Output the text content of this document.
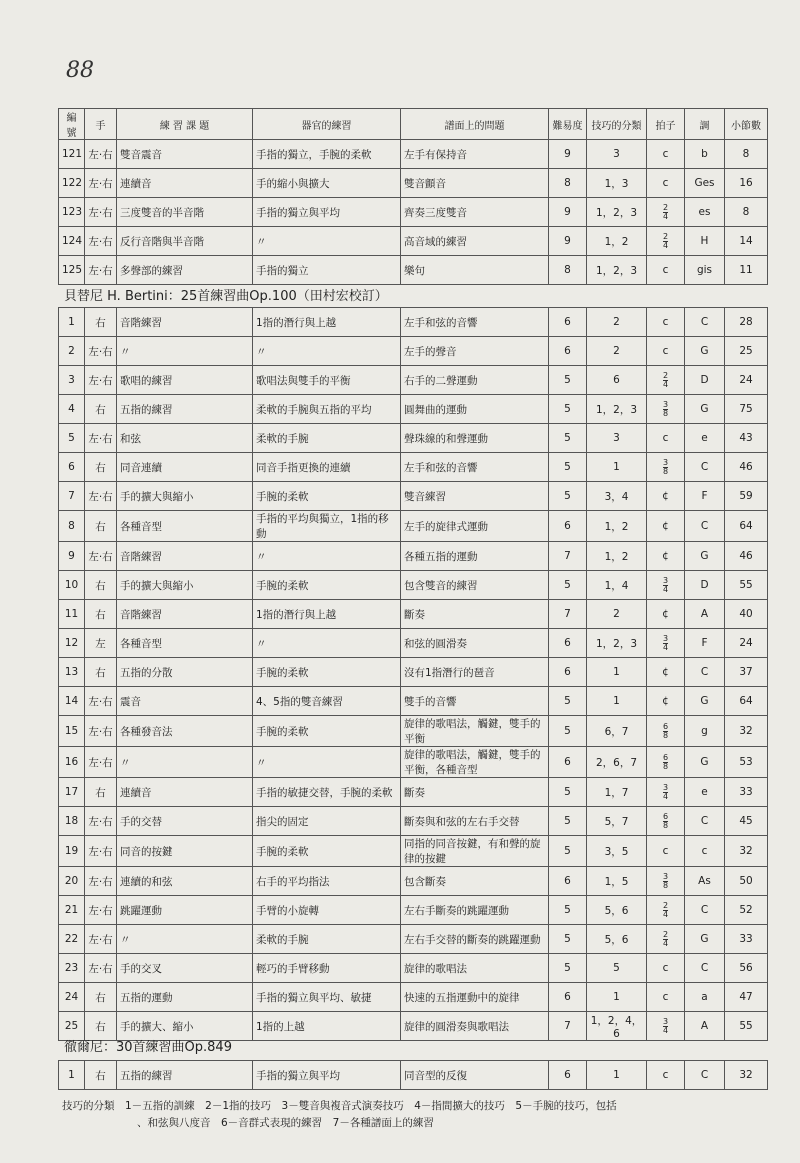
88
編號	手	練 習 課 題	器官的練習	譜面上的問題	難易度	技巧的分類	拍子	調	小節數
121	左·右	雙音震音	手指的獨立，手腕的柔軟	左手有保持音	9	3	c	b	8
122	左·右	連續音	手的縮小與擴大	雙音顫音	8	1，3	c	Ges	16
123	左·右	三度雙音的半音階	手指的獨立與平均	齊奏三度雙音	9	1，2，3	$\frac{2}{4}$	es	8
124	左·右	反行音階與半音階	〃	高音域的練習	9	1，2	$\frac{2}{4}$	H	14
125	左·右	多聲部的練習	手指的獨立	樂句	8	1，2，3	c	gis	11
貝替尼 H. Bertini：25首練習曲Op.100（田村宏校訂）
1	右	音階練習	1指的潛行與上越	左手和弦的音響	6	2	c	C	28
2	左·右	〃	〃	左手的聲音	6	2	c	G	25
3	左·右	歌唱的練習	歌唱法與雙手的平衡	右手的二聲運動	5	6	$\frac{2}{4}$	D	24
4	右	五指的練習	柔軟的手腕與五指的平均	圓舞曲的運動	5	1，2，3	$\frac{3}{8}$	G	75
5	左·右	和弦	柔軟的手腕	聲珠線的和聲運動	5	3	c	e	43
6	右	同音連續	同音手指更換的連續	左手和弦的音響	5	1	$\frac{3}{8}$	C	46
7	左·右	手的擴大與縮小	手腕的柔軟	雙音練習	5	3，4	¢	F	59
8	右	各種音型	手指的平均與獨立，1指的移動	左手的旋律式運動	6	1，2	¢	C	64
9	左·右	音階練習	〃	各種五指的運動	7	1，2	¢	G	46
10	右	手的擴大與縮小	手腕的柔軟	包含雙音的練習	5	1，4	$\frac{3}{4}$	D	55
11	右	音階練習	1指的潛行與上越	斷奏	7	2	¢	A	40
12	左	各種音型	〃	和弦的圓滑奏	6	1，2，3	$\frac{3}{4}$	F	24
13	右	五指的分散	手腕的柔軟	沒有1指潛行的琶音	6	1	¢	C	37
14	左·右	震音	4、5指的雙音練習	雙手的音響	5	1	¢	G	64
15	左·右	各種發音法	手腕的柔軟	旋律的歌唱法，觸鍵，雙手的平衡	5	6，7	$\frac{6}{8}$	g	32
16	左·右	〃	〃	旋律的歌唱法，觸鍵，雙手的平衡，各種音型	6	2，6，7	$\frac{6}{8}$	G	53
17	右	連續音	手指的敏捷交替，手腕的柔軟	斷奏	5	1，7	$\frac{3}{4}$	e	33
18	左·右	手的交替	指尖的固定	斷奏與和弦的左右手交替	5	5，7	$\frac{6}{8}$	C	45
19	左·右	同音的按鍵	手腕的柔軟	同指的同音按鍵，有和聲的旋律的按鍵	5	3，5	c	c	32
20	左·右	連續的和弦	右手的平均指法	包含斷奏	6	1，5	$\frac{3}{8}$	As	50
21	左·右	跳躍運動	手臂的小旋轉	左右手斷奏的跳躍運動	5	5，6	$\frac{2}{4}$	C	52
22	左·右	〃	柔軟的手腕	左右手交替的斷奏的跳躍運動	5	5，6	$\frac{2}{4}$	G	33
23	左·右	手的交叉	輕巧的手臂移動	旋律的歌唱法	5	5	c	C	56
24	右	五指的運動	手指的獨立與平均、敏捷	快速的五指運動中的旋律	6	1	c	a	47
25	右	手的擴大、縮小	1指的上越	旋律的圓滑奏與歌唱法	7	1，2，4，6	$\frac{3}{4}$	A	55
徹爾尼：30首練習曲Op.849
1	右	五指的練習	手指的獨立與平均	同音型的反復	6	1	c	C	32
技巧的分類　1－五指的訓練　2－1指的技巧　3－雙音與複音式演奏技巧　4－指間擴大的技巧　5－手腕的技巧，包括
、和弦與八度音　6－音群式表現的練習　7－各種譜面上的練習
